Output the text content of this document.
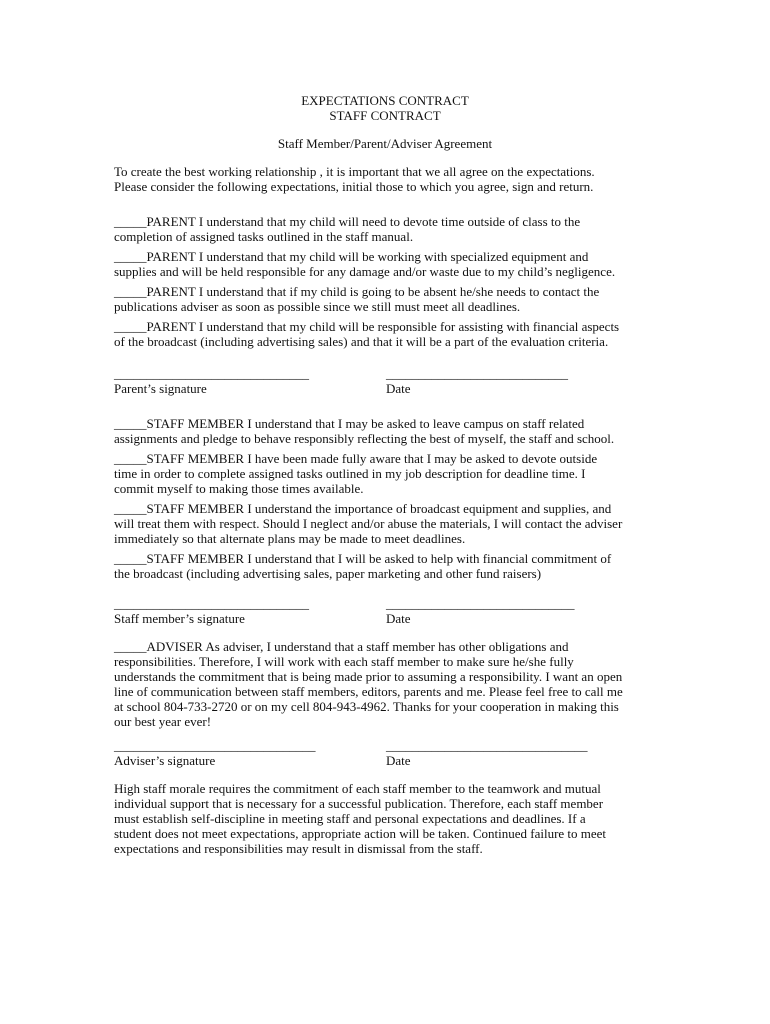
EXPECTATIONS CONTRACT
STAFF CONTRACT
Staff Member/Parent/Adviser Agreement
To create the best working relationship , it is important that we all agree on the expectations.
Please consider the following expectations, initial those to which you agree, sign and return.
_____PARENT I understand that my child will need to devote time outside of class to the
completion of assigned tasks outlined in the staff manual.
_____PARENT I understand that my child will be working with specialized equipment and
supplies and will be held responsible for any damage and/or waste due to my child’s negligence.
_____PARENT I understand that if my child is going to be absent he/she needs to contact the
publications adviser as soon as possible since we still must meet all deadlines.
_____PARENT I understand that my child will be responsible for assisting with financial aspects
of the broadcast (including advertising sales) and that it will be a part of the evaluation criteria.
______________________________
Parent’s signature
____________________________
Date
_____STAFF MEMBER I understand that I may be asked to leave campus on staff related
assignments and pledge to behave responsibly reflecting the best of myself, the staff and school.
_____STAFF MEMBER I have been made fully aware that I may be asked to devote outside
time in order to complete assigned tasks outlined in my job description for deadline time. I
commit myself to making those times available.
_____STAFF MEMBER I understand the importance of broadcast equipment and supplies, and
will treat them with respect. Should I neglect and/or abuse the materials, I will contact the adviser
immediately so that alternate plans may be made to meet deadlines.
_____STAFF MEMBER I understand that I will be asked to help with financial commitment of
the broadcast (including advertising sales, paper marketing and other fund raisers)
______________________________
Staff member’s signature
_____________________________
Date
_____ADVISER As adviser, I understand that a staff member has other obligations and
responsibilities. Therefore, I will work with each staff member to make sure he/she fully
understands the commitment that is being made prior to assuming a responsibility. I want an open
line of communication between staff members, editors, parents and me. Please feel free to call me
at school 804-733-2720 or on my cell 804-943-4962. Thanks for your cooperation in making this
our best year ever!
_______________________________
Adviser’s signature
_______________________________
Date
High staff morale requires the commitment of each staff member to the teamwork and mutual
individual support that is necessary for a successful publication. Therefore, each staff member
must establish self-discipline in meeting staff and personal expectations and deadlines. If a
student does not meet expectations, appropriate action will be taken. Continued failure to meet
expectations and responsibilities may result in dismissal from the staff.
